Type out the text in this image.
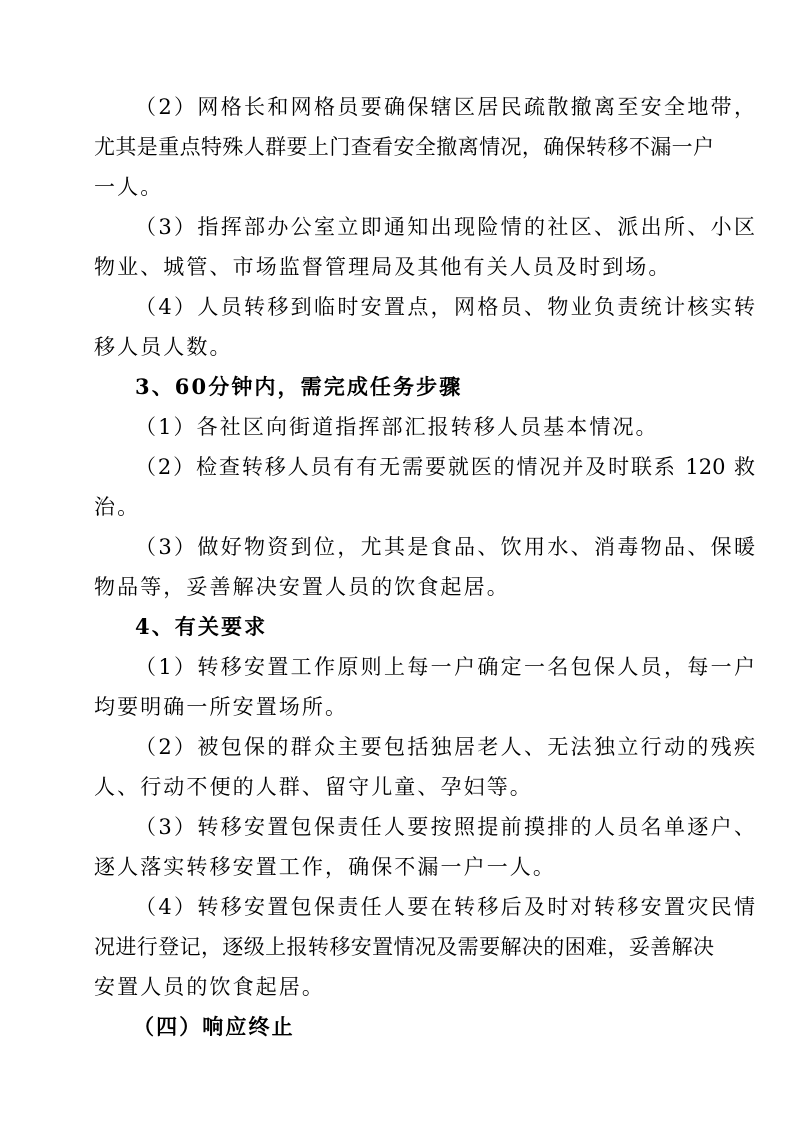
（2）网格长和网格员要确保辖区居民疏散撤离至安全地带，
尤其是重点特殊人群要上门查看安全撤离情况，确保转移不漏一户
一人。
（3）指挥部办公室立即通知出现险情的社区、派出所、小区
物业、城管、市场监督管理局及其他有关人员及时到场。
（4）人员转移到临时安置点，网格员、物业负责统计核实转
移人员人数。
3、60分钟内，需完成任务步骤
（1）各社区向街道指挥部汇报转移人员基本情况。
（2）检查转移人员有有无需要就医的情况并及时联系 120 救
治。
（3）做好物资到位，尤其是食品、饮用水、消毒物品、保暖
物品等，妥善解决安置人员的饮食起居。
4、有关要求
（1）转移安置工作原则上每一户确定一名包保人员，每一户
均要明确一所安置场所。
（2）被包保的群众主要包括独居老人、无法独立行动的残疾
人、行动不便的人群、留守儿童、孕妇等。
（3）转移安置包保责任人要按照提前摸排的人员名单逐户、
逐人落实转移安置工作，确保不漏一户一人。
（4）转移安置包保责任人要在转移后及时对转移安置灾民情
况进行登记，逐级上报转移安置情况及需要解决的困难，妥善解决
安置人员的饮食起居。
（四）响应终止
